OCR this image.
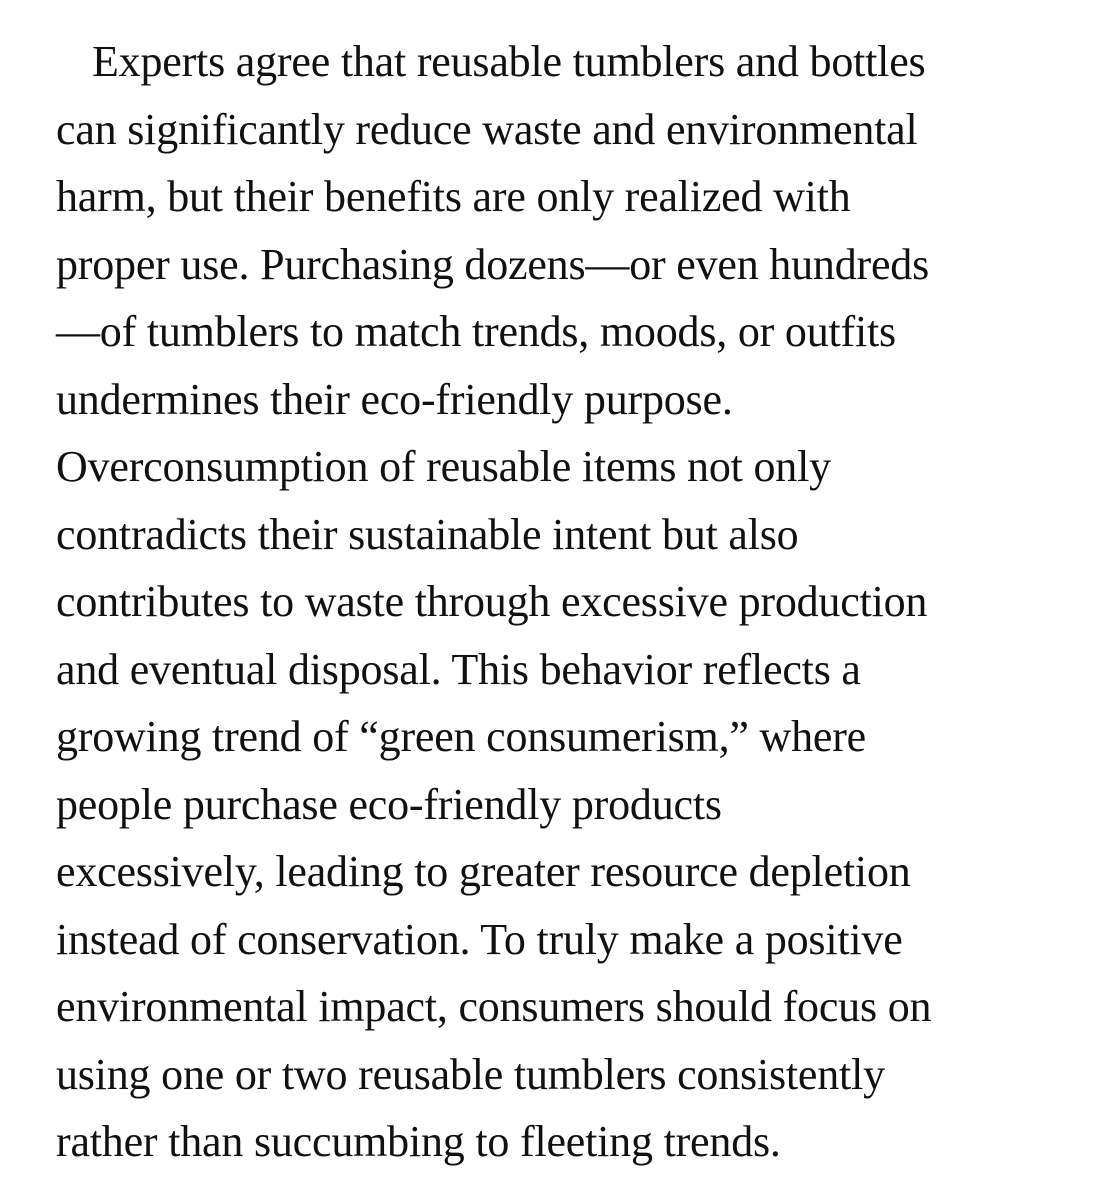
Experts agree that reusable tumblers and bottles
can significantly reduce waste and environmental
harm, but their benefits are only realized with
proper use. Purchasing dozens—or even hundreds
—of tumblers to match trends, moods, or outfits
undermines their eco-friendly purpose.
Overconsumption of reusable items not only
contradicts their sustainable intent but also
contributes to waste through excessive production
and eventual disposal. This behavior reflects a
growing trend of “green consumerism,” where
people purchase eco-friendly products
excessively, leading to greater resource depletion
instead of conservation. To truly make a positive
environmental impact, consumers should focus on
using one or two reusable tumblers consistently
rather than succumbing to fleeting trends.
